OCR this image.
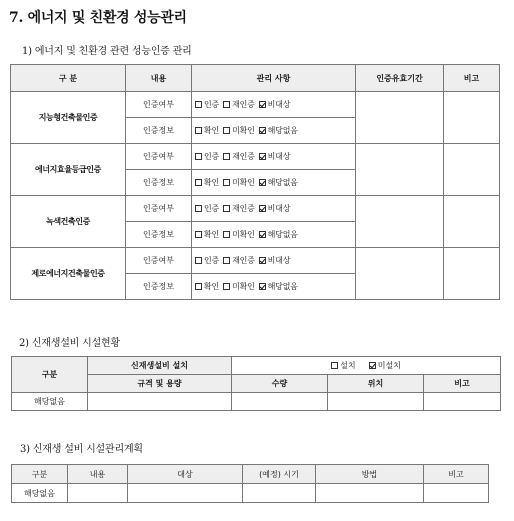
7. 에너지 및 친환경 성능관리
1) 에너지 및 친환경 관련 성능인증 관리
구 분	내용	관리 사항	인증유효기간	비고
지능형건축물인증	인증여부	인증 재인증 비대상		
	인증정보	확인 미확인 해당없음		
에너지효율등급인증	인증여부	인증 재인증 비대상		
	인증정보	확인 미확인 해당없음		
녹색건축인증	인증여부	인증 재인증 비대상		
	인증정보	확인 미확인 해당없음		
제로에너지건축물인증	인증여부	인증 재인증 비대상		
	인증정보	확인 미확인 해당없음		
2) 신재생설비 시설현황
구분	신재생설비 설치	설치 미설치		
	규격 및 용량	수량	위치	비고
해당없음				
3) 신재생 설비 시설관리계획
구분	내용	대상	(예정) 시기	방법	비고
해당없음					
